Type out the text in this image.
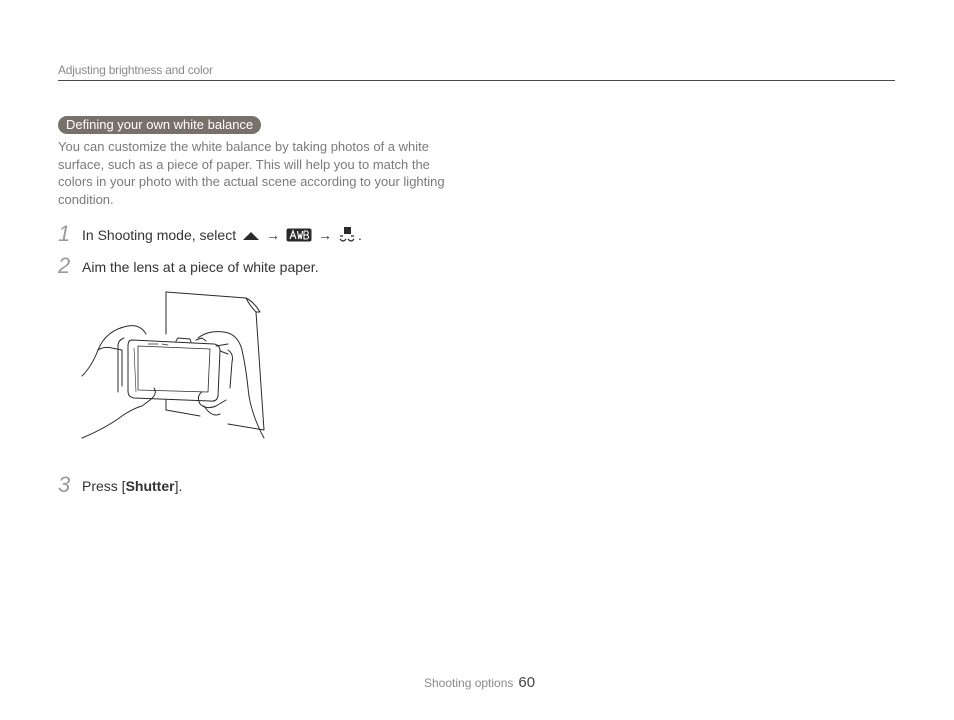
Adjusting brightness and color
Defining your own white balance
You can customize the white balance by taking photos of a white surface, such as a piece of paper. This will help you to match the colors in your photo with the actual scene according to your lighting condition.
1 In Shooting mode, select →	→ .
2 Aim the lens at a piece of white paper.
3 Press [Shutter].
Shooting options 60
